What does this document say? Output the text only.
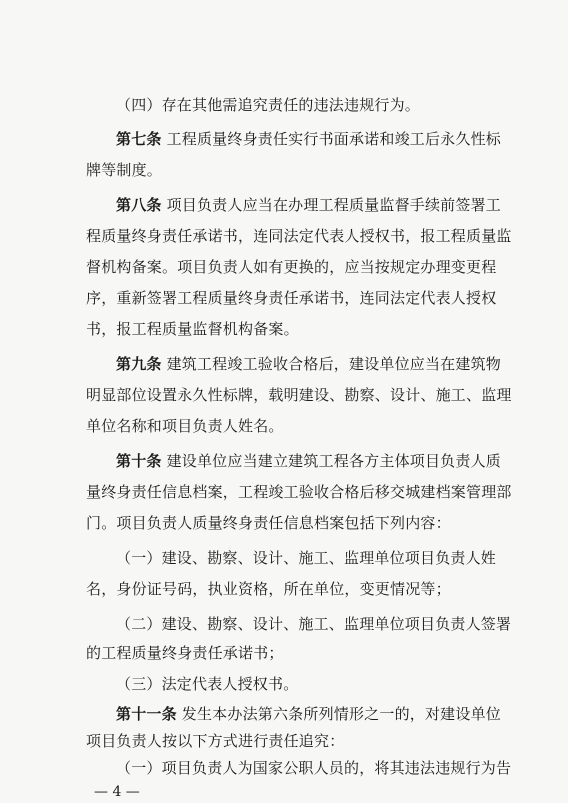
（四）存在其他需追究责任的违法违规行为。
第七条 工程质量终身责任实行书面承诺和竣工后永久性标
牌等制度。
第八条 项目负责人应当在办理工程质量监督手续前签署工
程质量终身责任承诺书，连同法定代表人授权书，报工程质量监
督机构备案。项目负责人如有更换的，应当按规定办理变更程
序，重新签署工程质量终身责任承诺书，连同法定代表人授权
书，报工程质量监督机构备案。
第九条 建筑工程竣工验收合格后，建设单位应当在建筑物
明显部位设置永久性标牌，载明建设、勘察、设计、施工、监理
单位名称和项目负责人姓名。
第十条 建设单位应当建立建筑工程各方主体项目负责人质
量终身责任信息档案，工程竣工验收合格后移交城建档案管理部
门。项目负责人质量终身责任信息档案包括下列内容：
（一）建设、勘察、设计、施工、监理单位项目负责人姓
名，身份证号码，执业资格，所在单位，变更情况等；
（二）建设、勘察、设计、施工、监理单位项目负责人签署
的工程质量终身责任承诺书；
（三）法定代表人授权书。
第十一条 发生本办法第六条所列情形之一的，对建设单位
项目负责人按以下方式进行责任追究：
（一）项目负责人为国家公职人员的，将其违法违规行为告
— 4 —
